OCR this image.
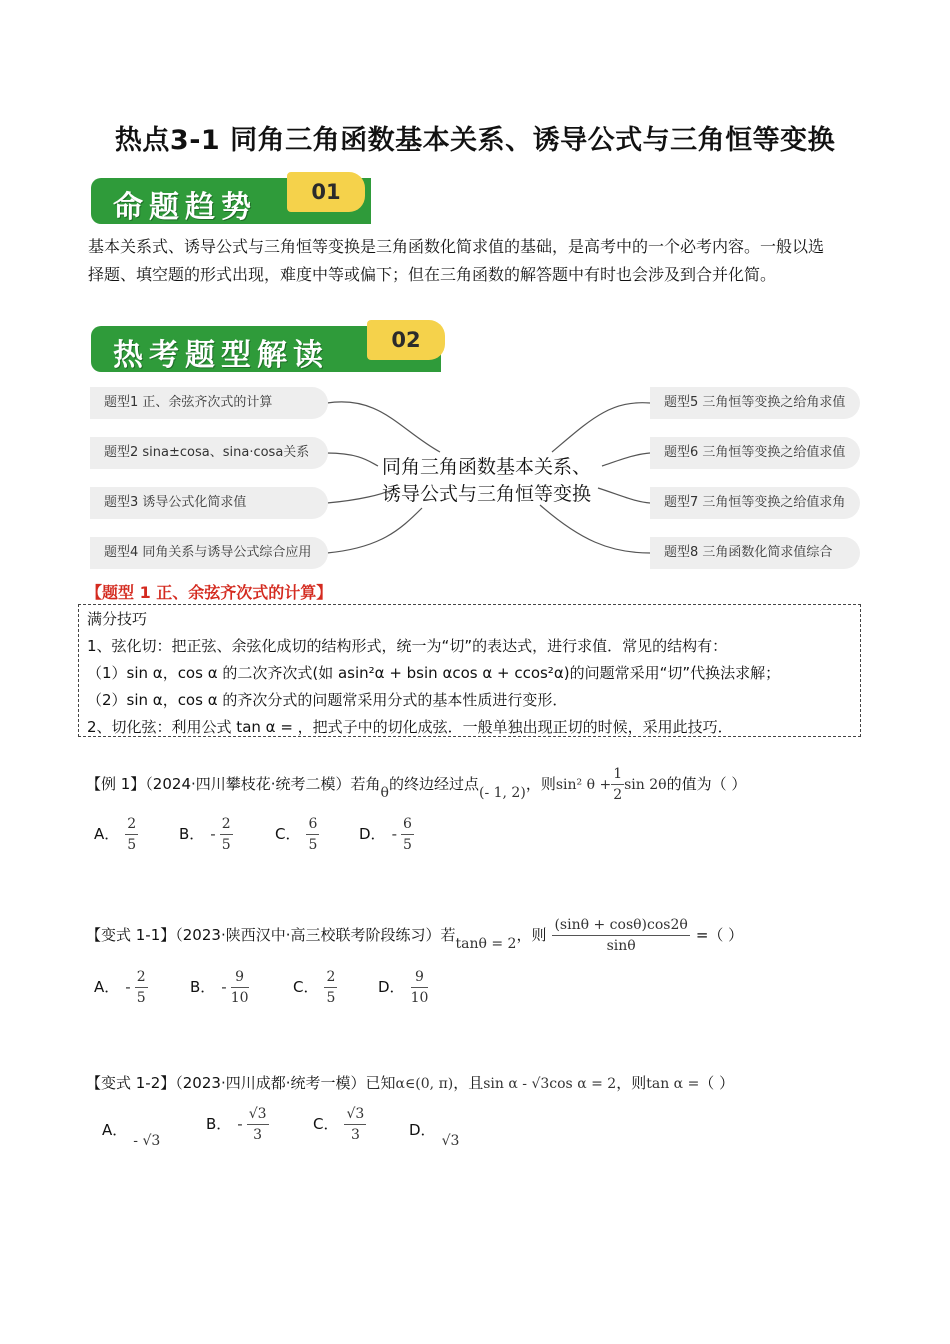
热点3-1 同角三角函数基本关系、诱导公式与三角恒等变换
命题趋势	01
基本关系式、诱导公式与三角恒等变换是三角函数化简求值的基础，是高考中的一个必考内容。一般以选
择题、填空题的形式出现，难度中等或偏下；但在三角函数的解答题中有时也会涉及到合并化简。
热考题型解读	02
题型1 正、余弦齐次式的计算
题型2 sina±cosa、sina·cosa关系
题型3 诱导公式化简求值
题型4 同角关系与诱导公式综合应用
题型5 三角恒等变换之给角求值
题型6 三角恒等变换之给值求值
题型7 三角恒等变换之给值求角
题型8 三角函数化简求值综合
同角三角函数基本关系、
诱导公式与三角恒等变换
【题型 1 正、余弦齐次式的计算】
满分技巧
1、弦化切：把正弦、余弦化成切的结构形式，统一为“切”的表达式，进行求值．常见的结构有：
（1）sin α，cos α 的二次齐次式(如 asin²α + bsin αcos α + ccos²α)的问题常采用“切”代换法求解；
（2）sin α，cos α 的齐次分式的问题常采用分式的基本性质进行变形．
2、切化弦：利用公式 tan α = ，把式子中的切化成弦．一般单独出现正切的时候，采用此技巧．
【例 1】（2024·四川攀枝花·统考二模）若角θ的终边经过点(- 1, 2)，则sin² $\theta + \frac{1}{2}$ sin 2θ的值为（ ）
A． $\frac{2}{5}$	B． - $\frac{2}{5}$	C． $\frac{6}{5}$	D． - $\frac{6}{5}$
【变式 1-1】（2023·陕西汉中·高三校联考阶段练习）若tanθ = 2，则 $\frac{(\sin\theta + \cos\theta)\cos 2\theta}{\sin\theta}$ =（ ）
A． - $\frac{2}{5}$	B． - $\frac{9}{10}$	C． $\frac{2}{5}$	D． $\frac{9}{10}$
【变式 1-2】（2023·四川成都·统考一模）已知α∈(0, π)，且sin α - √3cos α = 2，则tan α =（ ）
A．- √3
B． - $\frac{√3}{3}$	C． $\frac{√3}{3}$	D．√3
